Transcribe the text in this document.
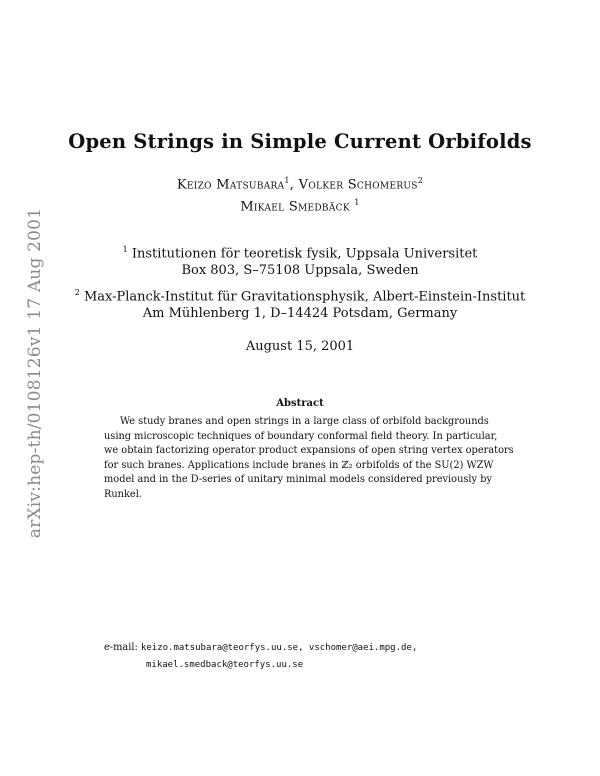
arXiv:hep-th/0108126v1 17 Aug 2001
Open Strings in Simple Current Orbifolds
Keizo Matsubara$^1$, Volker Schomerus$^2$
Mikael Smedbäck $^1$
$^1$ Institutionen för teoretisk fysik, Uppsala Universitet
Box 803, S–75108 Uppsala, Sweden
$^2$ Max-Planck-Institut für Gravitationsphysik, Albert-Einstein-Institut
Am Mühlenberg 1, D–14424 Potsdam, Germany
August 15, 2001
Abstract
We study branes and open strings in a large class of orbifold backgrounds
using microscopic techniques of boundary conformal field theory. In particular,
we obtain factorizing operator product expansions of open string vertex operators
for such branes. Applications include branes in ℤ₂ orbifolds of the SU(2) WZW
model and in the D-series of unitary minimal models considered previously by
Runkel.
e-mail: keizo.matsubara@teorfys.uu.se, vschomer@aei.mpg.de,
mikael.smedback@teorfys.uu.se
